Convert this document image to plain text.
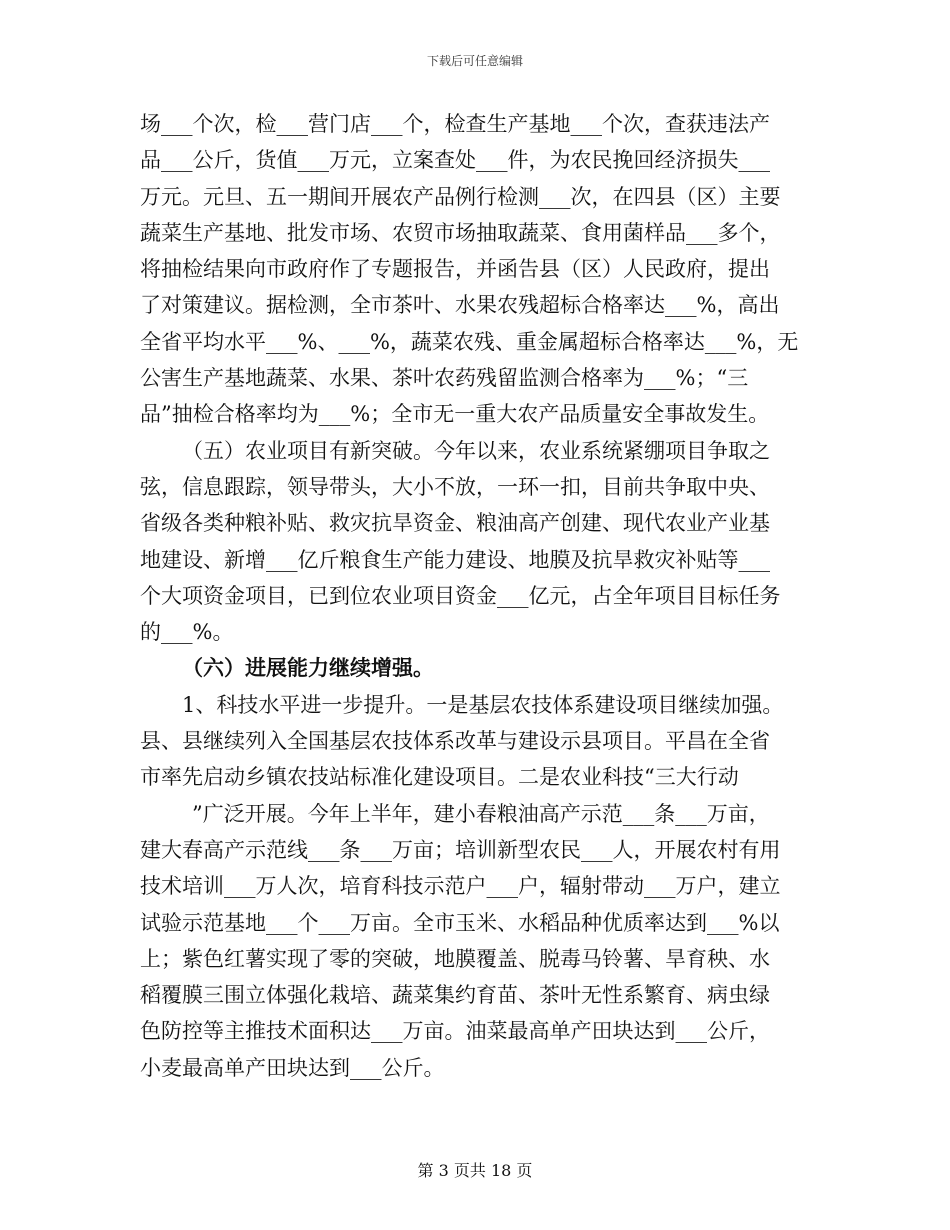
下载后可任意编辑
场___个次，检___营门店___个，检查生产基地___个次，查获违法产
品___公斤，货值___万元，立案查处___件，为农民挽回经济损失___
万元。元旦、五一期间开展农产品例行检测___次，在四县（区）主要
蔬菜生产基地、批发市场、农贸市场抽取蔬菜、食用菌样品___多个，
将抽检结果向市政府作了专题报告，并函告县（区）人民政府，提出
了对策建议。据检测，全市茶叶、水果农残超标合格率达___%，高出
全省平均水平___%、___%，蔬菜农残、重金属超标合格率达___%，无
公害生产基地蔬菜、水果、茶叶农药残留监测合格率为___%；“三
品”抽检合格率均为___%；全市无一重大农产品质量安全事故发生。
（五）农业项目有新突破。今年以来，农业系统紧绷项目争取之
弦，信息跟踪，领导带头，大小不放，一环一扣，目前共争取中央、
省级各类种粮补贴、救灾抗旱资金、粮油高产创建、现代农业产业基
地建设、新增___亿斤粮食生产能力建设、地膜及抗旱救灾补贴等___
个大项资金项目，已到位农业项目资金___亿元，占全年项目目标任务
的___%。
（六）进展能力继续增强。
1、科技水平进一步提升。一是基层农技体系建设项目继续加强。
县、县继续列入全国基层农技体系改革与建设示县项目。平昌在全省
市率先启动乡镇农技站标准化建设项目。二是农业科技“三大行动
”广泛开展。今年上半年，建小春粮油高产示范___条___万亩，
建大春高产示范线___条___万亩；培训新型农民___人，开展农村有用
技术培训___万人次，培育科技示范户___户，辐射带动___万户，建立
试验示范基地___个___万亩。全市玉米、水稻品种优质率达到___%以
上；紫色红薯实现了零的突破，地膜覆盖、脱毒马铃薯、旱育秧、水
稻覆膜三围立体强化栽培、蔬菜集约育苗、茶叶无性系繁育、病虫绿
色防控等主推技术面积达___万亩。油菜最高单产田块达到___公斤，
小麦最高单产田块达到___公斤。
第 3 页共 18 页
